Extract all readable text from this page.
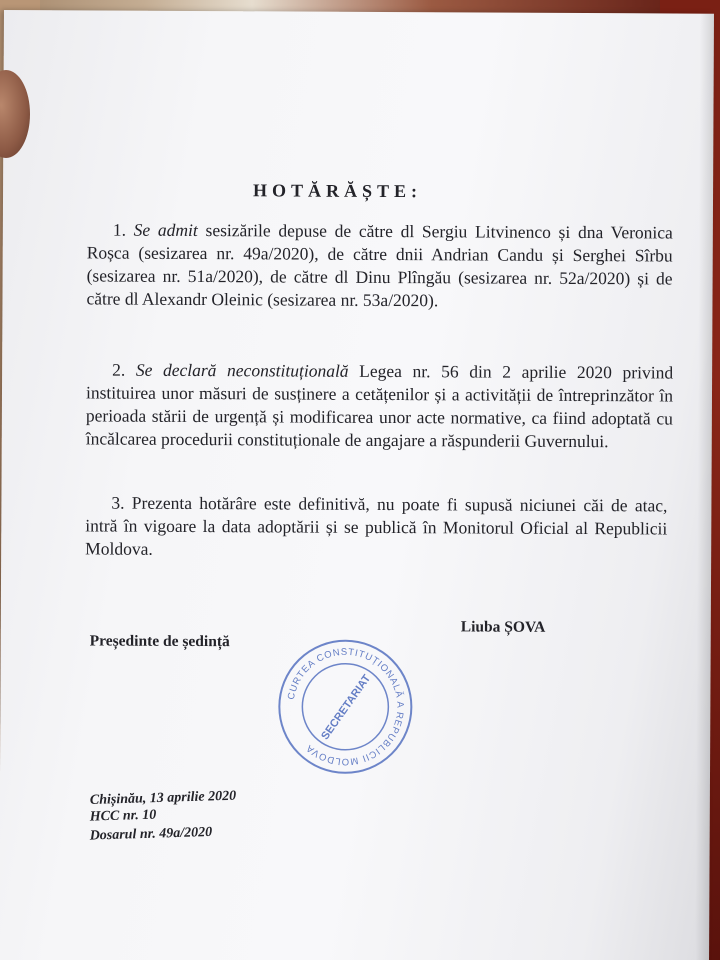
HOTĂRĂȘTE:
1. Se admit sesizările depuse de către dl Sergiu Litvinenco și dna Veronica Roșca (sesizarea nr. 49a/2020), de către dnii Andrian Candu și Serghei Sîrbu (sesizarea nr. 51a/2020), de către dl Dinu Plîngău (sesizarea nr. 52a/2020) și de către dl Alexandr Oleinic (sesizarea nr. 53a/2020).
2. Se declară neconstituțională Legea nr. 56 din 2 aprilie 2020 privind instituirea unor măsuri de susținere a cetățenilor și a activității de întreprinzător în perioada stării de urgență și modificarea unor acte normative, ca fiind adoptată cu încălcarea procedurii constituționale de angajare a răspunderii Guvernului.
3. Prezenta hotărâre este definitivă, nu poate fi supusă niciunei căi de atac, intră în vigoare la data adoptării și se publică în Monitorul Oficial al Republicii Moldova.
Președinte de ședință
Liuba ȘOVA
CURTEA CONSTITUȚIONALĂ A REPUBLICII MOLDOVA
SECRETARIAT
Chișinău, 13 aprilie 2020
HCC nr. 10
Dosarul nr. 49a/2020
